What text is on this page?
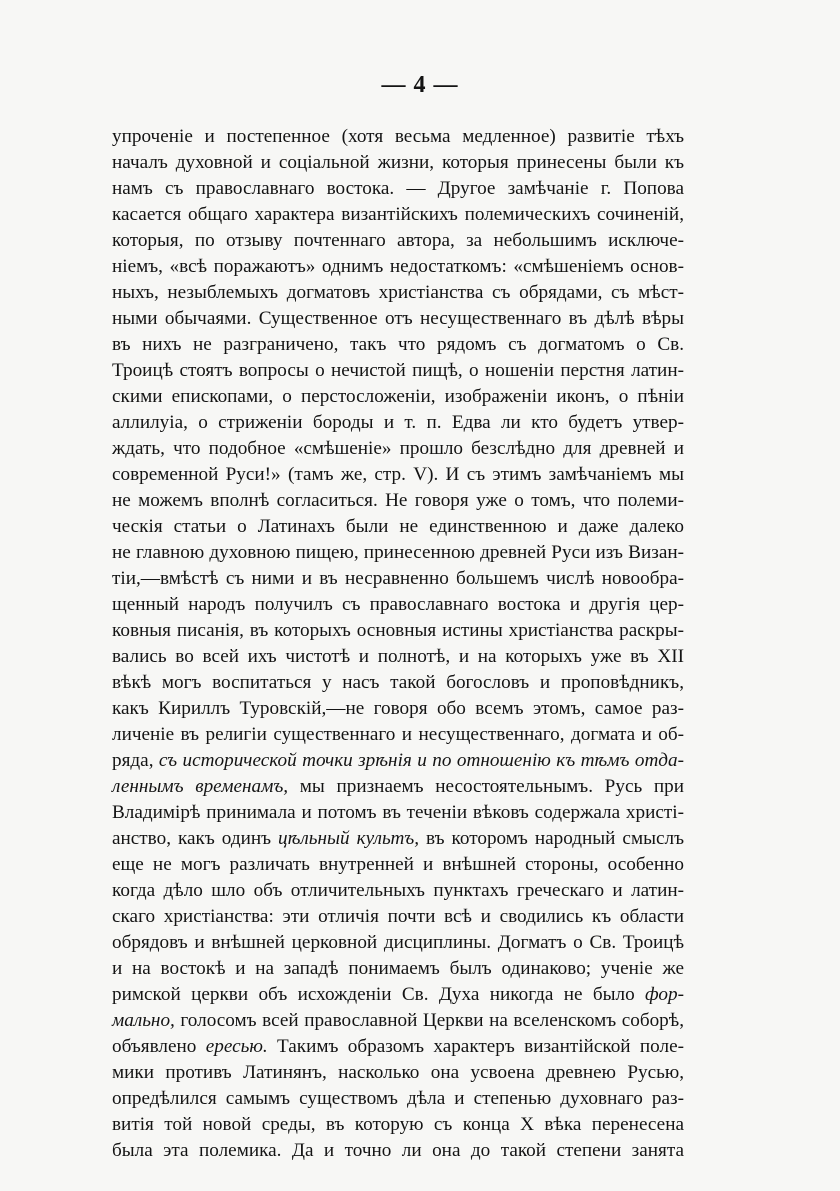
— 4 —
упроченіе и постепенное (хотя весьма медленное) развитіе тѣхъ
началъ духовной и соціальной жизни, которыя принесены были къ
намъ съ православнаго востока. — Другое замѣчаніе г. Попова
касается общаго характера византійскихъ полемическихъ сочиненій,
которыя, по отзыву почтеннаго автора, за небольшимъ исключе-
ніемъ, «всѣ поражаютъ» однимъ недостаткомъ: «смѣшеніемъ основ-
ныхъ, незыблемыхъ догматовъ христіанства съ обрядами, съ мѣст-
ными обычаями. Существенное отъ несущественнаго въ дѣлѣ вѣры
въ нихъ не разграничено, такъ что рядомъ съ догматомъ о Св.
Троицѣ стоятъ вопросы о нечистой пищѣ, о ношеніи перстня латин-
скими епископами, о перстосложеніи, изображеніи иконъ, о пѣніи
аллилуіа, о стриженіи бороды и т. п. Едва ли кто будетъ утвер-
ждать, что подобное «смѣшеніе» прошло безслѣдно для древней и
современной Руси!» (тамъ же, стр. V). И съ этимъ замѣчаніемъ мы
не можемъ вполнѣ согласиться. Не говоря уже о томъ, что полеми-
ческія статьи о Латинахъ были не единственною и даже далеко
не главною духовною пищею, принесенною древней Руси изъ Визан-
тіи,—вмѣстѣ съ ними и въ несравненно большемъ числѣ новообра-
щенный народъ получилъ съ православнаго востока и другія цер-
ковныя писанія, въ которыхъ основныя истины христіанства раскры-
вались во всей ихъ чистотѣ и полнотѣ, и на которыхъ уже въ XII
вѣкѣ могъ воспитаться у насъ такой богословъ и проповѣдникъ,
какъ Кириллъ Туровскій,—не говоря обо всемъ этомъ, самое раз-
личеніе въ религіи существеннаго и несущественнаго, догмата и об-
ряда, съ исторической точки зрѣнія и по отношенію къ тѣмъ отда-
леннымъ временамъ, мы признаемъ несостоятельнымъ. Русь при
Владимірѣ принимала и потомъ въ теченіи вѣковъ содержала христі-
анство, какъ одинъ цѣльный культъ, въ которомъ народный смыслъ
еще не могъ различать внутренней и внѣшней стороны, особенно
когда дѣло шло объ отличительныхъ пунктахъ греческаго и латин-
скаго христіанства: эти отличія почти всѣ и сводились къ области
обрядовъ и внѣшней церковной дисциплины. Догматъ о Св. Троицѣ
и на востокѣ и на западѣ понимаемъ былъ одинаково; ученіе же
римской церкви объ исхожденіи Св. Духа никогда не было фор-
мально, голосомъ всей православной Церкви на вселенскомъ соборѣ,
объявлено ересью. Такимъ образомъ характеръ византійской поле-
мики противъ Латинянъ, насколько она усвоена древнею Русью,
опредѣлился самымъ существомъ дѣла и степенью духовнаго раз-
витія той новой среды, въ которую съ конца X вѣка перенесена
была эта полемика. Да и точно ли она до такой степени занята
